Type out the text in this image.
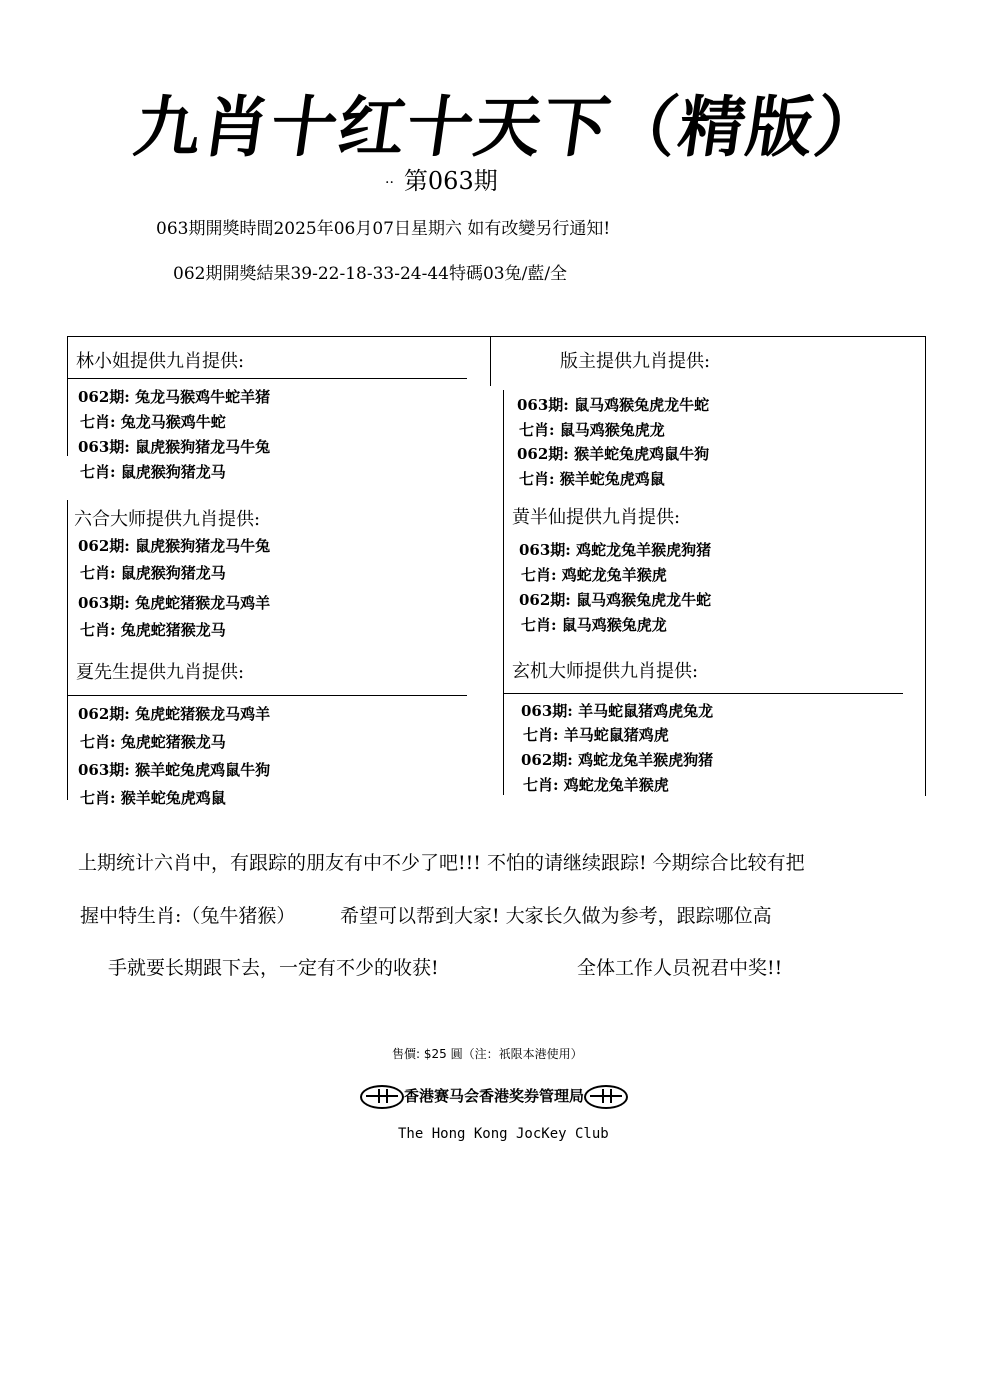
九肖十红十天下（精版）
·· 第063期
063期開獎時間2025年06月07日星期六 如有改變另行通知!
062期開獎結果39-22-18-33-24-44特碼03兔/藍/全
林小姐提供九肖提供:
062期: 兔龙马猴鸡牛蛇羊猪
七肖: 兔龙马猴鸡牛蛇
063期: 鼠虎猴狗猪龙马牛兔
七肖: 鼠虎猴狗猪龙马
六合大师提供九肖提供:
062期: 鼠虎猴狗猪龙马牛兔
七肖: 鼠虎猴狗猪龙马
063期: 兔虎蛇猪猴龙马鸡羊
七肖: 兔虎蛇猪猴龙马
夏先生提供九肖提供:
062期: 兔虎蛇猪猴龙马鸡羊
七肖: 兔虎蛇猪猴龙马
063期: 猴羊蛇兔虎鸡鼠牛狗
七肖: 猴羊蛇兔虎鸡鼠
版主提供九肖提供:
063期: 鼠马鸡猴兔虎龙牛蛇
七肖: 鼠马鸡猴兔虎龙
062期: 猴羊蛇兔虎鸡鼠牛狗
七肖: 猴羊蛇兔虎鸡鼠
黄半仙提供九肖提供:
063期: 鸡蛇龙兔羊猴虎狗猪
七肖: 鸡蛇龙兔羊猴虎
062期: 鼠马鸡猴兔虎龙牛蛇
七肖: 鼠马鸡猴兔虎龙
玄机大师提供九肖提供:
063期: 羊马蛇鼠猪鸡虎兔龙
七肖: 羊马蛇鼠猪鸡虎
062期: 鸡蛇龙兔羊猴虎狗猪
七肖: 鸡蛇龙兔羊猴虎
上期统计六肖中，有跟踪的朋友有中不少了吧!!! 不怕的请继续跟踪! 今期综合比较有把
握中特生肖:（兔牛猪猴） 希望可以帮到大家! 大家长久做为参考，跟踪哪位高
手就要长期跟下去，一定有不少的收获!	全体工作人员祝君中奖!!
售價: $25 圓（注：祇限本港使用）
香港赛马会香港奖券管理局
The Hong Kong JocKey Club
